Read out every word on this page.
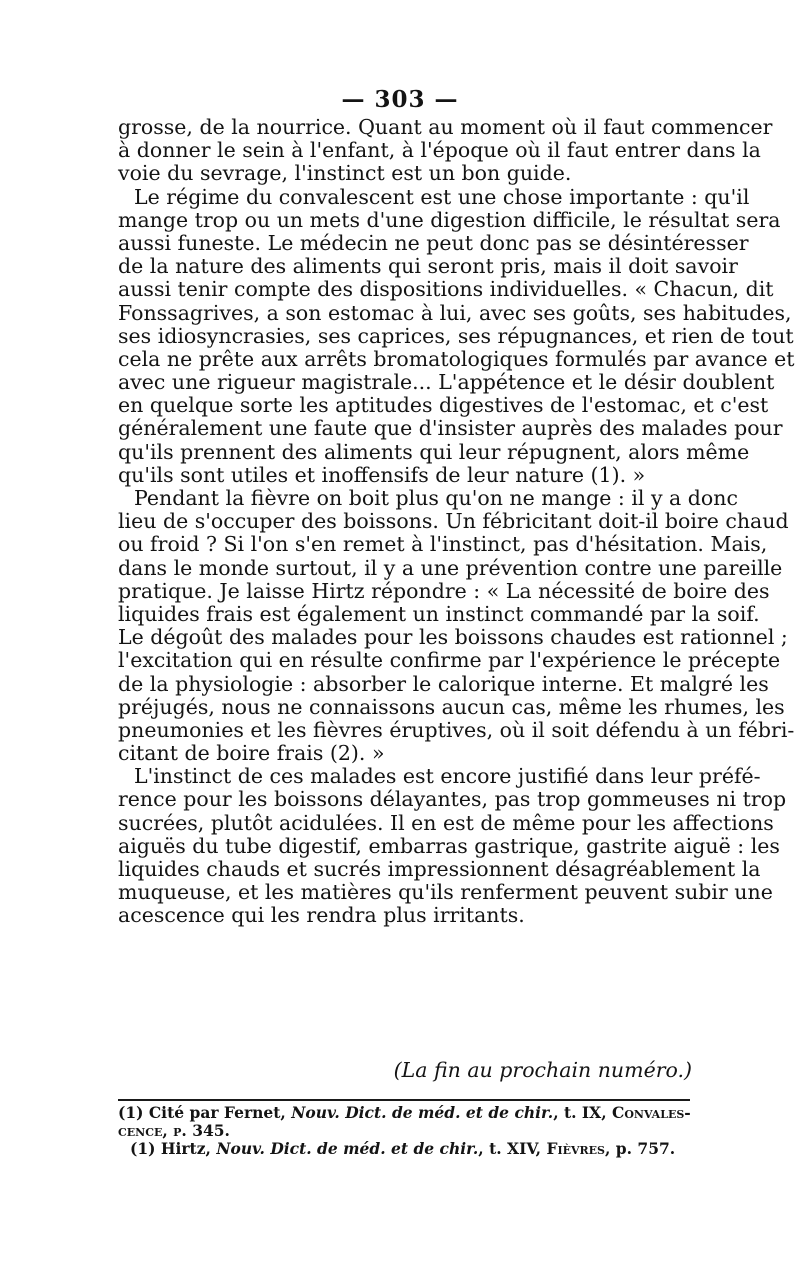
— 303 —
grosse, de la nourrice. Quant au moment où il faut commencer
à donner le sein à l'enfant, à l'époque où il faut entrer dans la
voie du sevrage, l'instinct est un bon guide.
Le régime du convalescent est une chose importante : qu'il
mange trop ou un mets d'une digestion difficile, le résultat sera
aussi funeste. Le médecin ne peut donc pas se désintéresser
de la nature des aliments qui seront pris, mais il doit savoir
aussi tenir compte des dispositions individuelles. « Chacun, dit
Fonssagrives, a son estomac à lui, avec ses goûts, ses habitudes,
ses idiosyncrasies, ses caprices, ses répugnances, et rien de tout
cela ne prête aux arrêts bromatologiques formulés par avance et
avec une rigueur magistrale... L'appétence et le désir doublent
en quelque sorte les aptitudes digestives de l'estomac, et c'est
généralement une faute que d'insister auprès des malades pour
qu'ils prennent des aliments qui leur répugnent, alors même
qu'ils sont utiles et inoffensifs de leur nature (1). »
Pendant la fièvre on boit plus qu'on ne mange : il y a donc
lieu de s'occuper des boissons. Un fébricitant doit-il boire chaud
ou froid ? Si l'on s'en remet à l'instinct, pas d'hésitation. Mais,
dans le monde surtout, il y a une prévention contre une pareille
pratique. Je laisse Hirtz répondre : « La nécessité de boire des
liquides frais est également un instinct commandé par la soif.
Le dégoût des malades pour les boissons chaudes est rationnel ;
l'excitation qui en résulte confirme par l'expérience le précepte
de la physiologie : absorber le calorique interne. Et malgré les
préjugés, nous ne connaissons aucun cas, même les rhumes, les
pneumonies et les fièvres éruptives, où il soit défendu à un fébri-
citant de boire frais (2). »
L'instinct de ces malades est encore justifié dans leur préfé-
rence pour les boissons délayantes, pas trop gommeuses ni trop
sucrées, plutôt acidulées. Il en est de même pour les affections
aiguës du tube digestif, embarras gastrique, gastrite aiguë : les
liquides chauds et sucrés impressionnent désagréablement la
muqueuse, et les matières qu'ils renferment peuvent subir une
acescence qui les rendra plus irritants.
(La fin au prochain numéro.)
(1) Cité par Fernet, Nouv. Dict. de méd. et de chir., t. IX, Convales-
cence, p. 345.
(1) Hirtz, Nouv. Dict. de méd. et de chir., t. XIV, Fièvres, p. 757.
